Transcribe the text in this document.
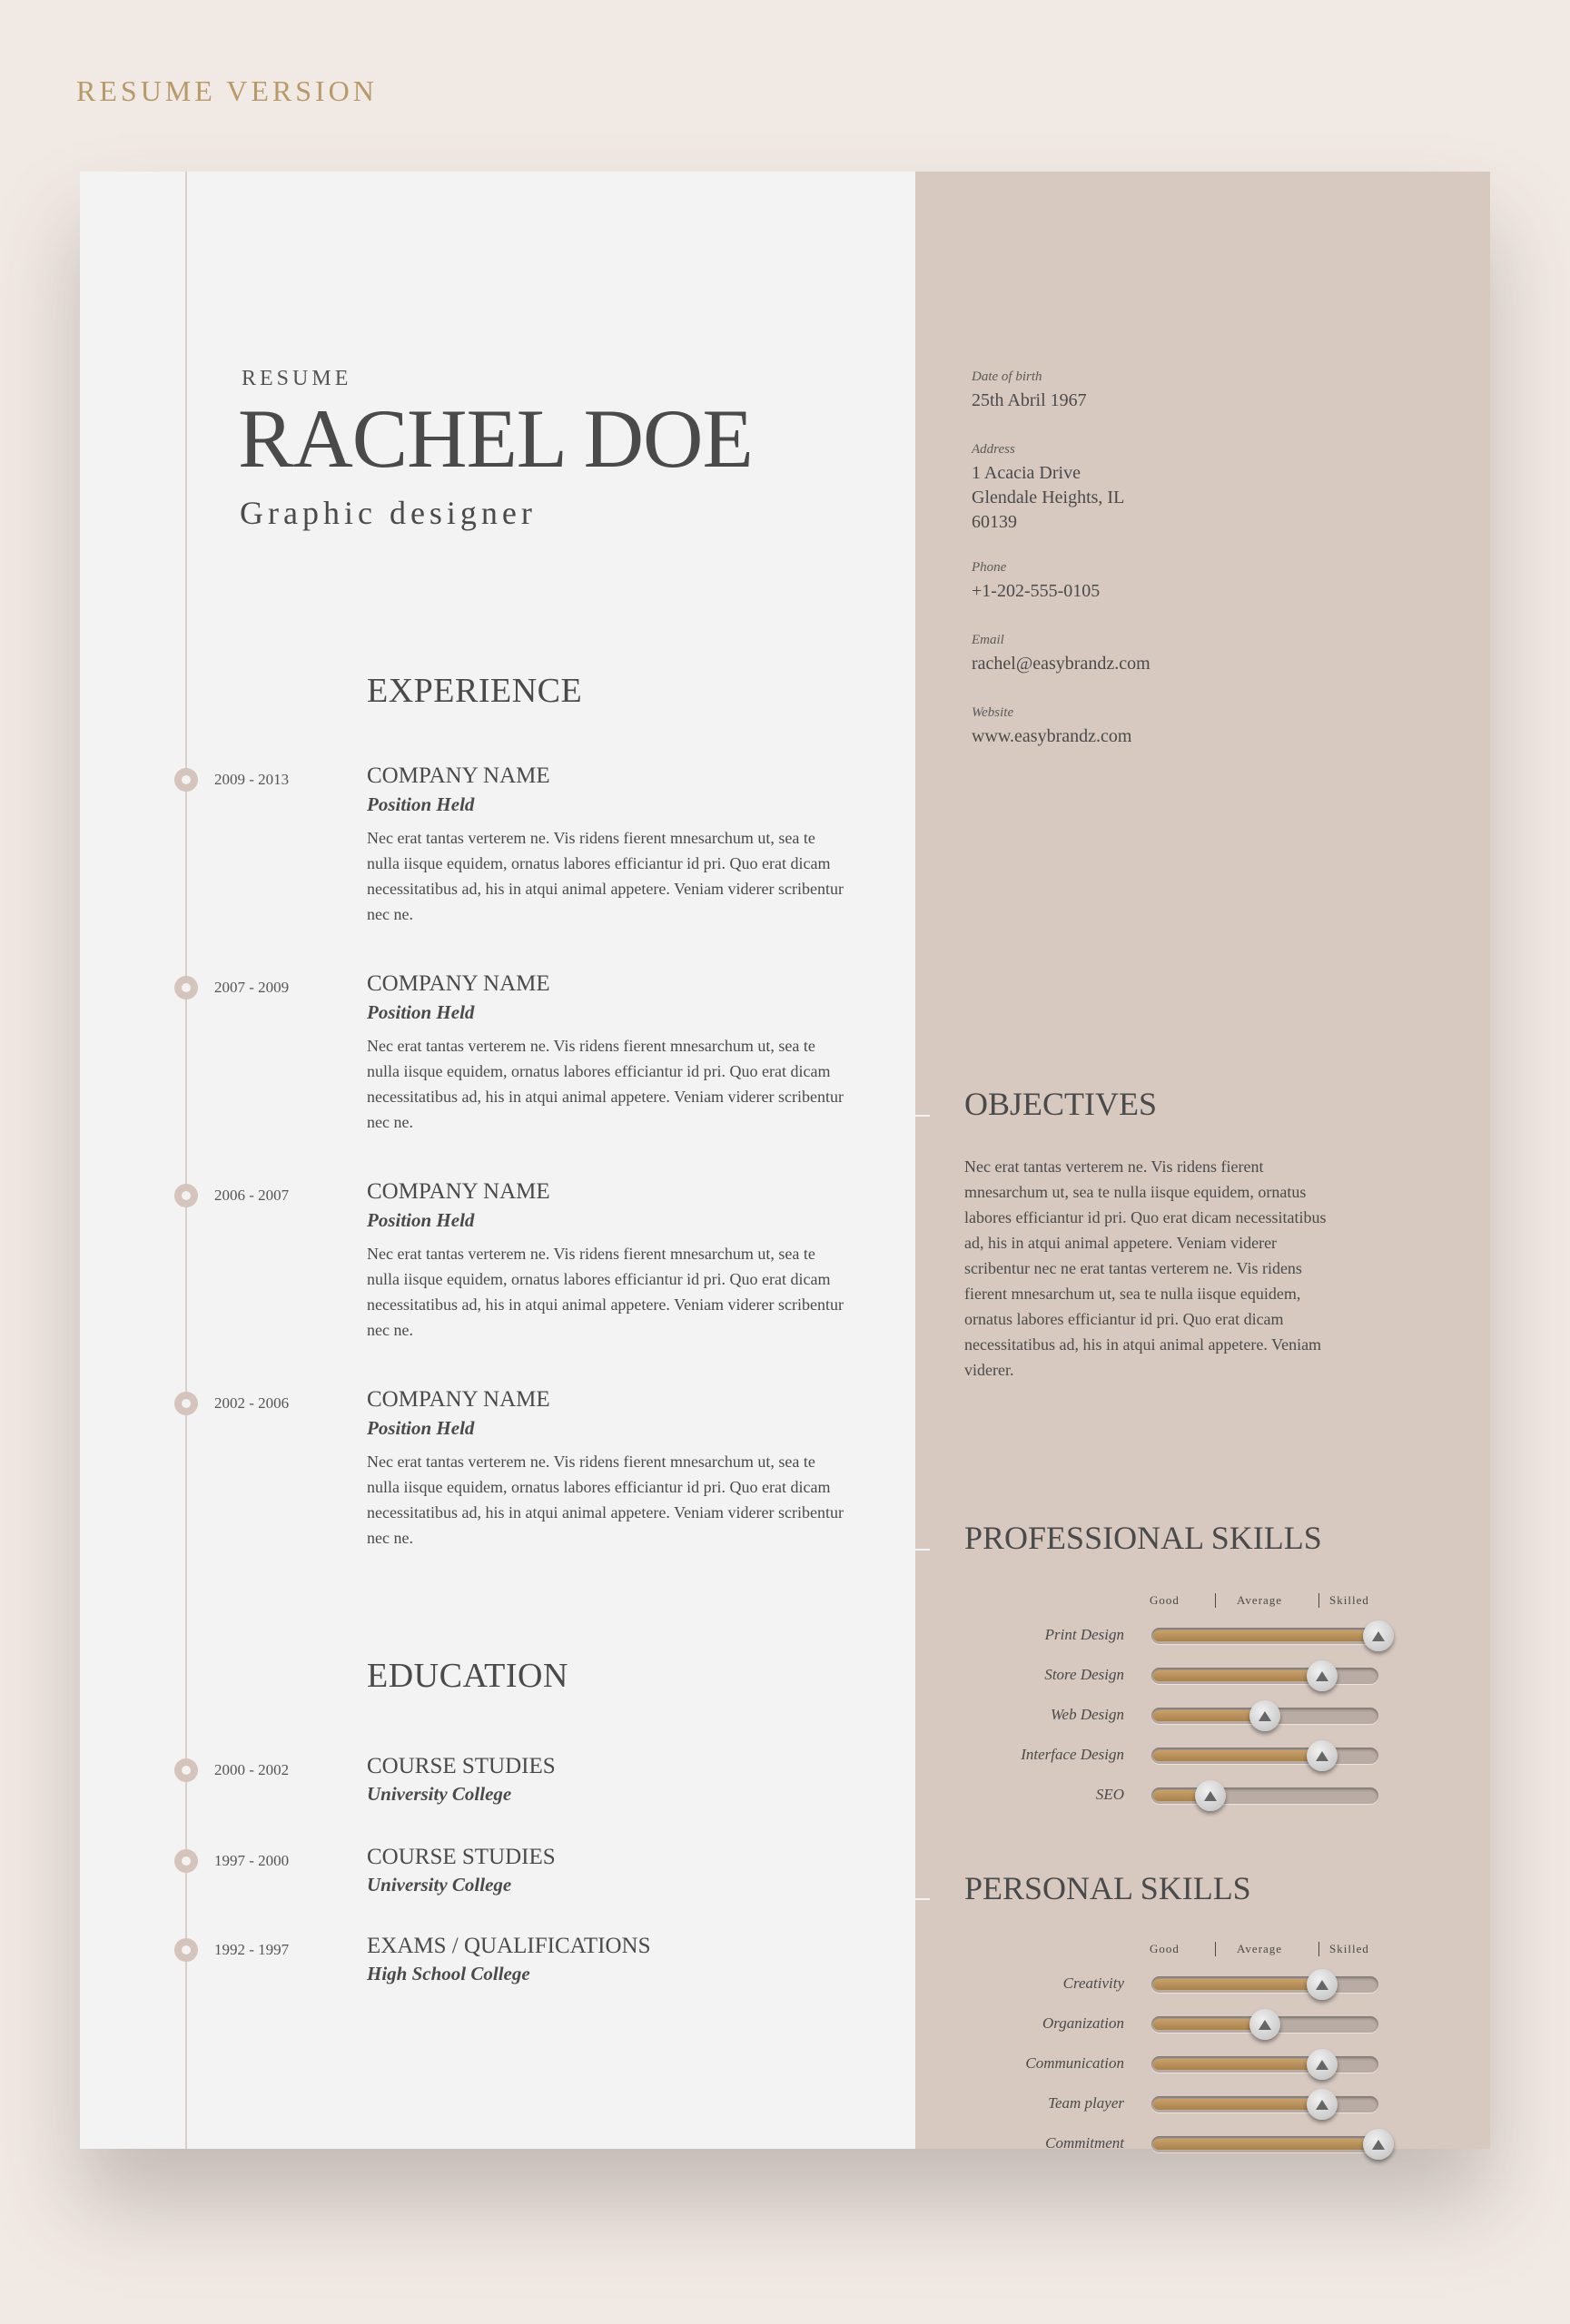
RESUME VERSION
RESUME
RACHEL DOE
Graphic designer
EXPERIENCE
2009 - 2013	COMPANY NAME
Position Held
Nec erat tantas verterem ne. Vis ridens fierent mnesarchum ut, sea te nulla iisque equidem, ornatus labores efficiantur id pri. Quo erat dicam necessitatibus ad, his in atqui animal appetere. Veniam viderer scribentur nec ne.
2007 - 2009	COMPANY NAME
Position Held
Nec erat tantas verterem ne. Vis ridens fierent mnesarchum ut, sea te nulla iisque equidem, ornatus labores efficiantur id pri. Quo erat dicam necessitatibus ad, his in atqui animal appetere. Veniam viderer scribentur nec ne.
2006 - 2007	COMPANY NAME
Position Held
Nec erat tantas verterem ne. Vis ridens fierent mnesarchum ut, sea te nulla iisque equidem, ornatus labores efficiantur id pri. Quo erat dicam necessitatibus ad, his in atqui animal appetere. Veniam viderer scribentur nec ne.
2002 - 2006	COMPANY NAME
Position Held
Nec erat tantas verterem ne. Vis ridens fierent mnesarchum ut, sea te nulla iisque equidem, ornatus labores efficiantur id pri. Quo erat dicam necessitatibus ad, his in atqui animal appetere. Veniam viderer scribentur nec ne.
EDUCATION
2000 - 2002	COURSE STUDIES
University College
1997 - 2000	COURSE STUDIES
University College
1992 - 1997	EXAMS / QUALIFICATIONS
High School College
Date of birth
25th Abril 1967
Address
1 Acacia Drive
Glendale Heights, IL
60139
Phone
+1-202-555-0105
Email
rachel@easybrandz.com
Website
www.easybrandz.com
OBJECTIVES
Nec erat tantas verterem ne. Vis ridens fierent mnesarchum ut, sea te nulla iisque equidem, ornatus labores efficiantur id pri. Quo erat dicam necessitatibus ad, his in atqui animal appetere. Veniam viderer scribentur nec ne erat tantas verterem ne. Vis ridens fierent mnesarchum ut, sea te nulla iisque equidem, ornatus labores efficiantur id pri. Quo erat dicam necessitatibus ad, his in atqui animal appetere. Veniam viderer.
PROFESSIONAL SKILLS
Good	Average	Skilled
Print Design
Store Design
Web Design
Interface Design
SEO
PERSONAL SKILLS
Good	Average	Skilled
Creativity
Organization
Communication
Team player
Commitment
